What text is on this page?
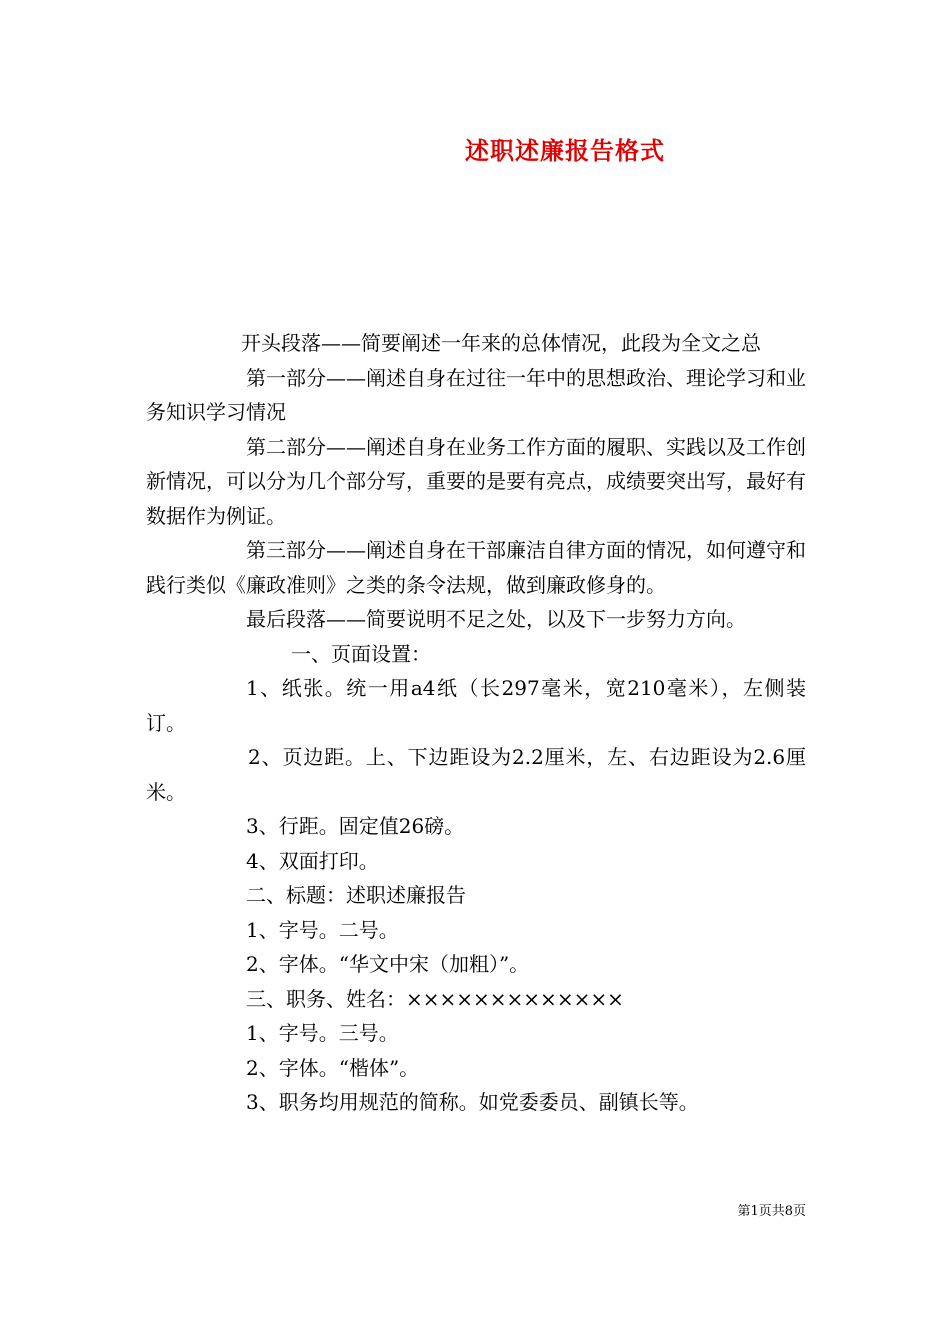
述职述廉报告格式

开头段落——简要阐述一年来的总体情况，此段为全文之总

第一部分——阐述自身在过往一年中的思想政治、理论学习和业务知识学习情况

第二部分——阐述自身在业务工作方面的履职、实践以及工作创新情况，可以分为几个部分写，重要的是要有亮点，成绩要突出写，最好有数据作为例证。

第三部分——阐述自身在干部廉洁自律方面的情况，如何遵守和践行类似《廉政准则》之类的条令法规，做到廉政修身的。

最后段落——简要说明不足之处，以及下一步努力方向。

一、页面设置：

1、纸张。统一用a4纸（长297毫米，宽210毫米），左侧装订。

2、页边距。上、下边距设为2.2厘米，左、右边距设为2.6厘米。

3、行距。固定值26磅。

4、双面打印。

二、标题：述职述廉报告

1、字号。二号。

2、字体。“华文中宋（加粗）”。

三、职务、姓名：×××××××××××××

1、字号。三号。

2、字体。“楷体”。

3、职务均用规范的简称。如党委委员、副镇长等。

第1页共8页
